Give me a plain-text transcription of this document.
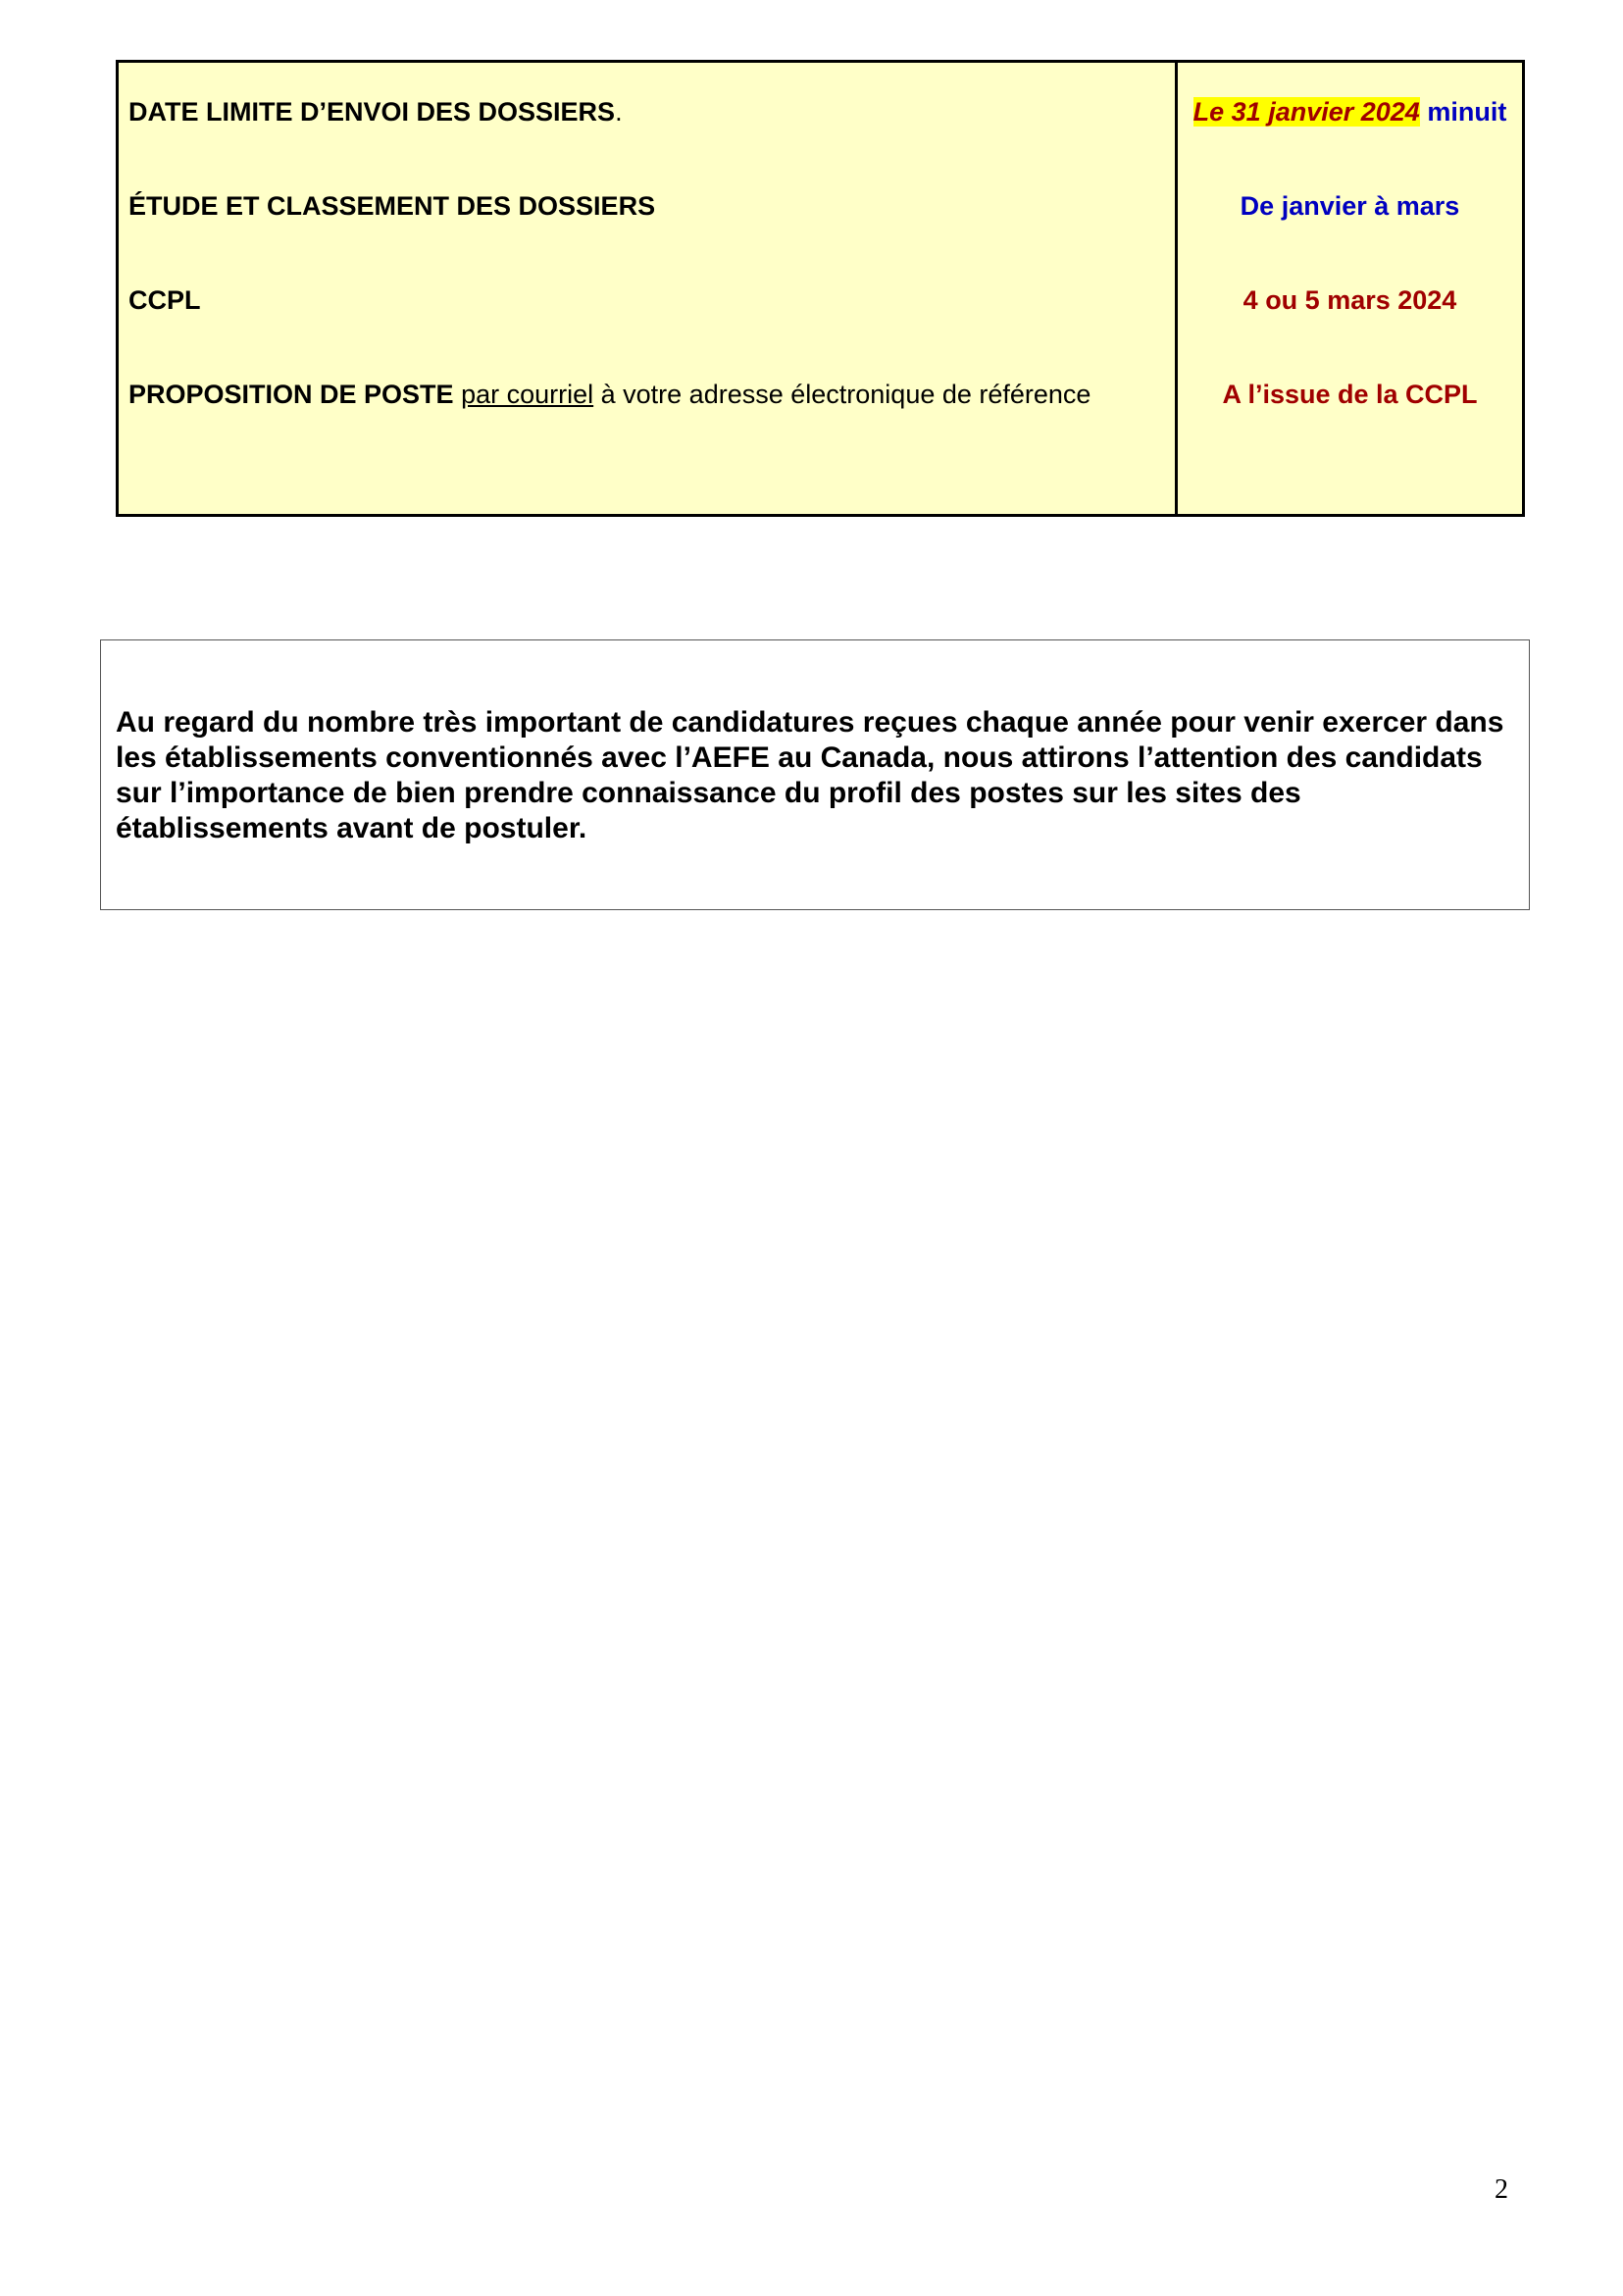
DATE LIMITE D’ENVOI DES DOSSIERS.
ÉTUDE ET CLASSEMENT DES DOSSIERS
CCPL
PROPOSITION DE POSTE par courriel à votre adresse électronique de référence
Le 31 janvier 2024 minuit
De janvier à mars
4 ou 5 mars 2024
A l’issue de la CCPL

Au regard du nombre très important de candidatures reçues chaque année pour venir exercer dans les établissements conventionnés avec l’AEFE au Canada, nous attirons l’attention des candidats sur l’importance de bien prendre connaissance du profil des postes sur les sites des établissements avant de postuler.

2
